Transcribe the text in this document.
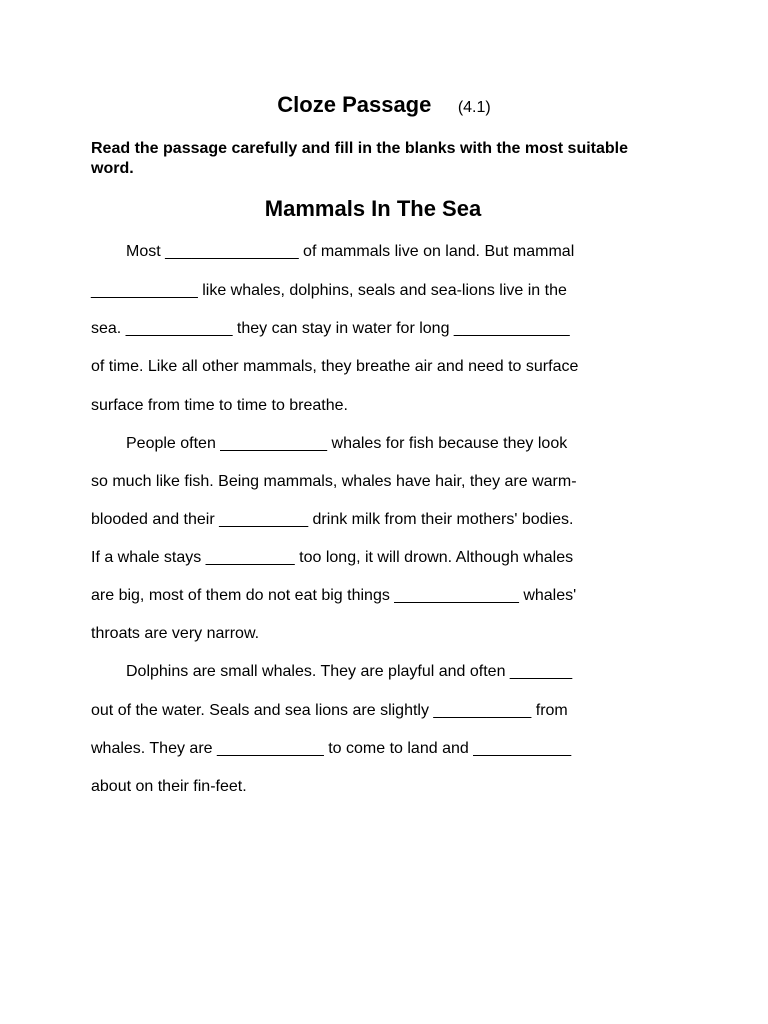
Cloze Passage (4.1)
Read the passage carefully and fill in the blanks with the most suitable word.
Mammals In The Sea
Most _______________ of mammals live on land. But mammal
____________ like whales, dolphins, seals and sea-lions live in the
sea. ____________ they can stay in water for long _____________
of time. Like all other mammals, they breathe air and need to surface
surface from time to time to breathe.
People often ____________ whales for fish because they look
so much like fish. Being mammals, whales have hair, they are warm-
blooded and their __________ drink milk from their mothers' bodies.
If a whale stays __________ too long, it will drown. Although whales
are big, most of them do not eat big things ______________ whales'
throats are very narrow.
Dolphins are small whales. They are playful and often _______
out of the water. Seals and sea lions are slightly ___________ from
whales. They are ____________ to come to land and ___________
about on their fin-feet.
